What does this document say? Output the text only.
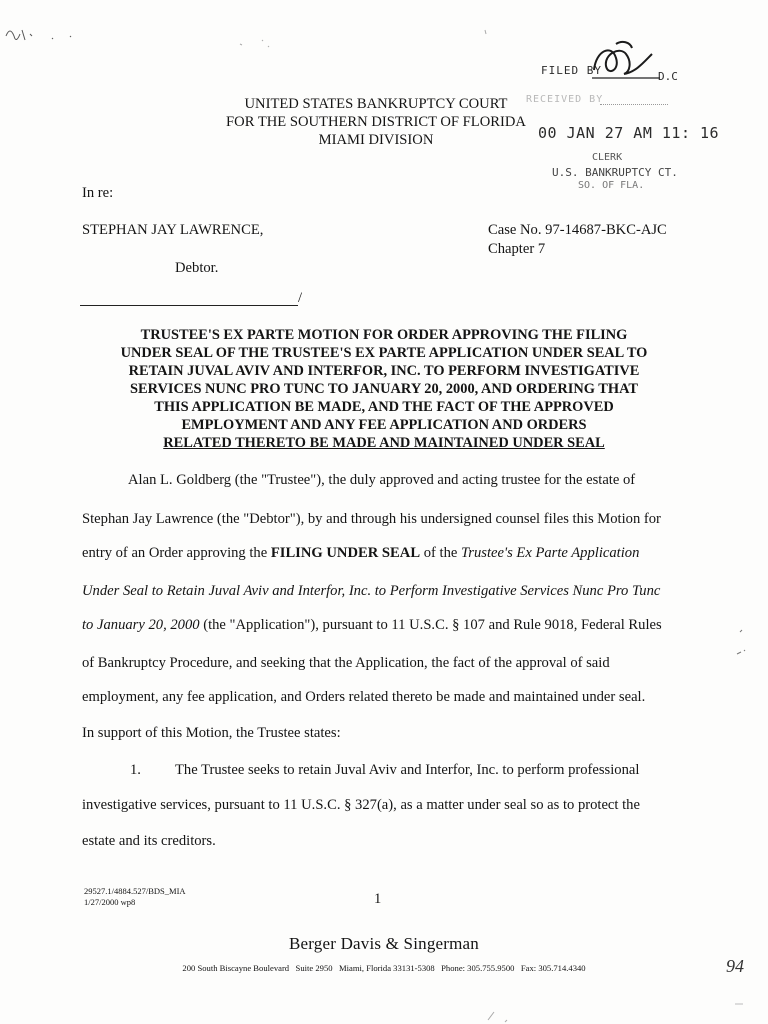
FILED BY	D.C
RECEIVED BY
00 JAN 27 AM 11: 16
CLERK
U.S. BANKRUPTCY CT.
SO. OF FLA.
UNITED STATES BANKRUPTCY COURT
FOR THE SOUTHERN DISTRICT OF FLORIDA
MIAMI DIVISION
In re:
STEPHAN JAY LAWRENCE,	Case No. 97-14687-BKC-AJC
Chapter 7
Debtor.
/
TRUSTEE'S EX PARTE MOTION FOR ORDER APPROVING THE FILING
UNDER SEAL OF THE TRUSTEE'S EX PARTE APPLICATION UNDER SEAL TO
RETAIN JUVAL AVIV AND INTERFOR, INC. TO PERFORM INVESTIGATIVE
SERVICES NUNC PRO TUNC TO JANUARY 20, 2000, AND ORDERING THAT
THIS APPLICATION BE MADE, AND THE FACT OF THE APPROVED
EMPLOYMENT AND ANY FEE APPLICATION AND ORDERS
RELATED THERETO BE MADE AND MAINTAINED UNDER SEAL
Alan L. Goldberg (the "Trustee"), the duly approved and acting trustee for the estate of
Stephan Jay Lawrence (the "Debtor"), by and through his undersigned counsel files this Motion for
entry of an Order approving the FILING UNDER SEAL of the Trustee's Ex Parte Application
Under Seal to Retain Juval Aviv and Interfor, Inc. to Perform Investigative Services Nunc Pro Tunc
to January 20, 2000 (the "Application"), pursuant to 11 U.S.C. § 107 and Rule 9018, Federal Rules
of Bankruptcy Procedure, and seeking that the Application, the fact of the approval of said
employment, any fee application, and Orders related thereto be made and maintained under seal.
In support of this Motion, the Trustee states:
1. The Trustee seeks to retain Juval Aviv and Interfor, Inc. to perform professional
investigative services, pursuant to 11 U.S.C. § 327(a), as a matter under seal so as to protect the
estate and its creditors.
29527.1/4884.527/BDS_MIA
1/27/2000 wp8	1
Berger Davis & Singerman
200 South Biscayne Boulevard   Suite 2950   Miami, Florida 33131-5308   Phone: 305.755.9500   Fax: 305.714.4340	94
